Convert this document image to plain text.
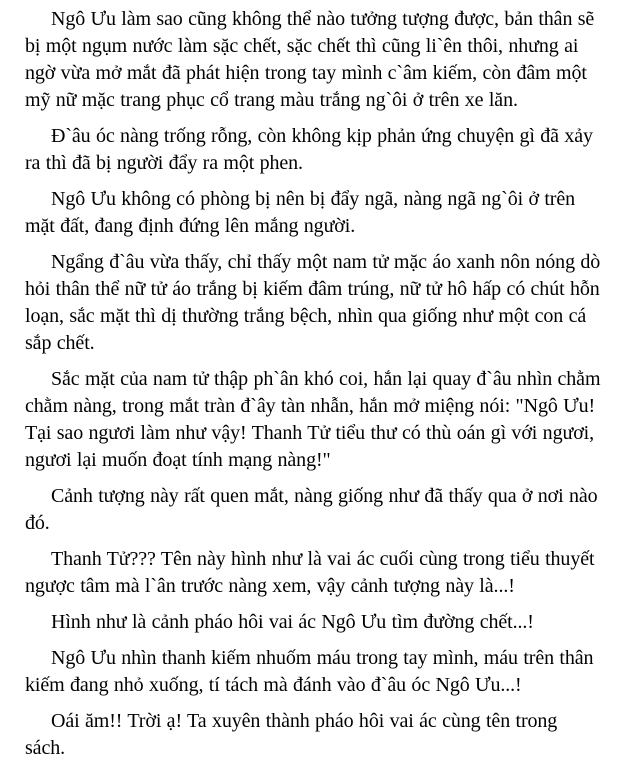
Ngô Ưu làm sao cũng không thể nào tưởng tượng được, bản thân sẽ bị một ngụm nước làm sặc chết, sặc chết thì cũng li`ên thôi, nhưng ai ngờ vừa mở mắt đã phát hiện trong tay mình c`âm kiếm, còn đâm một mỹ nữ mặc trang phục cổ trang màu trắng ng`ôi ở trên xe lăn.

Đ`âu óc nàng trống rỗng, còn không kịp phản ứng chuyện gì đã xảy ra thì đã bị người đẩy ra một phen.

Ngô Ưu không có phòng bị nên bị đẩy ngã, nàng ngã ng`ôi ở trên mặt đất, đang định đứng lên mắng người.

Ngẩng đ`âu vừa thấy, chỉ thấy một nam tử mặc áo xanh nôn nóng dò hỏi thân thể nữ tử áo trắng bị kiếm đâm trúng, nữ tử hô hấp có chút hỗn loạn, sắc mặt thì dị thường trắng bệch, nhìn qua giống như một con cá sắp chết.

Sắc mặt của nam tử thập ph`ân khó coi, hắn lại quay đ`âu nhìn chằm chằm nàng, trong mắt tràn đ`ây tàn nhẫn, hắn mở miệng nói: "Ngô Ưu! Tại sao ngươi làm như vậy! Thanh Tử tiểu thư có thù oán gì với ngươi, ngươi lại muốn đoạt tính mạng nàng!"

Cảnh tượng này rất quen mắt, nàng giống như đã thấy qua ở nơi nào đó.

Thanh Tử??? Tên này hình như là vai ác cuối cùng trong tiểu thuyết ngược tâm mà l`ân trước nàng xem, vậy cảnh tượng này là...!

Hình như là cảnh pháo hôi vai ác Ngô Ưu tìm đường chết...!

Ngô Ưu nhìn thanh kiếm nhuốm máu trong tay mình, máu trên thân kiếm đang nhỏ xuống, tí tách mà đánh vào đ`âu óc Ngô Ưu...!

Oái ăm!! Trời ạ! Ta xuyên thành pháo hôi vai ác cùng tên trong sách.
